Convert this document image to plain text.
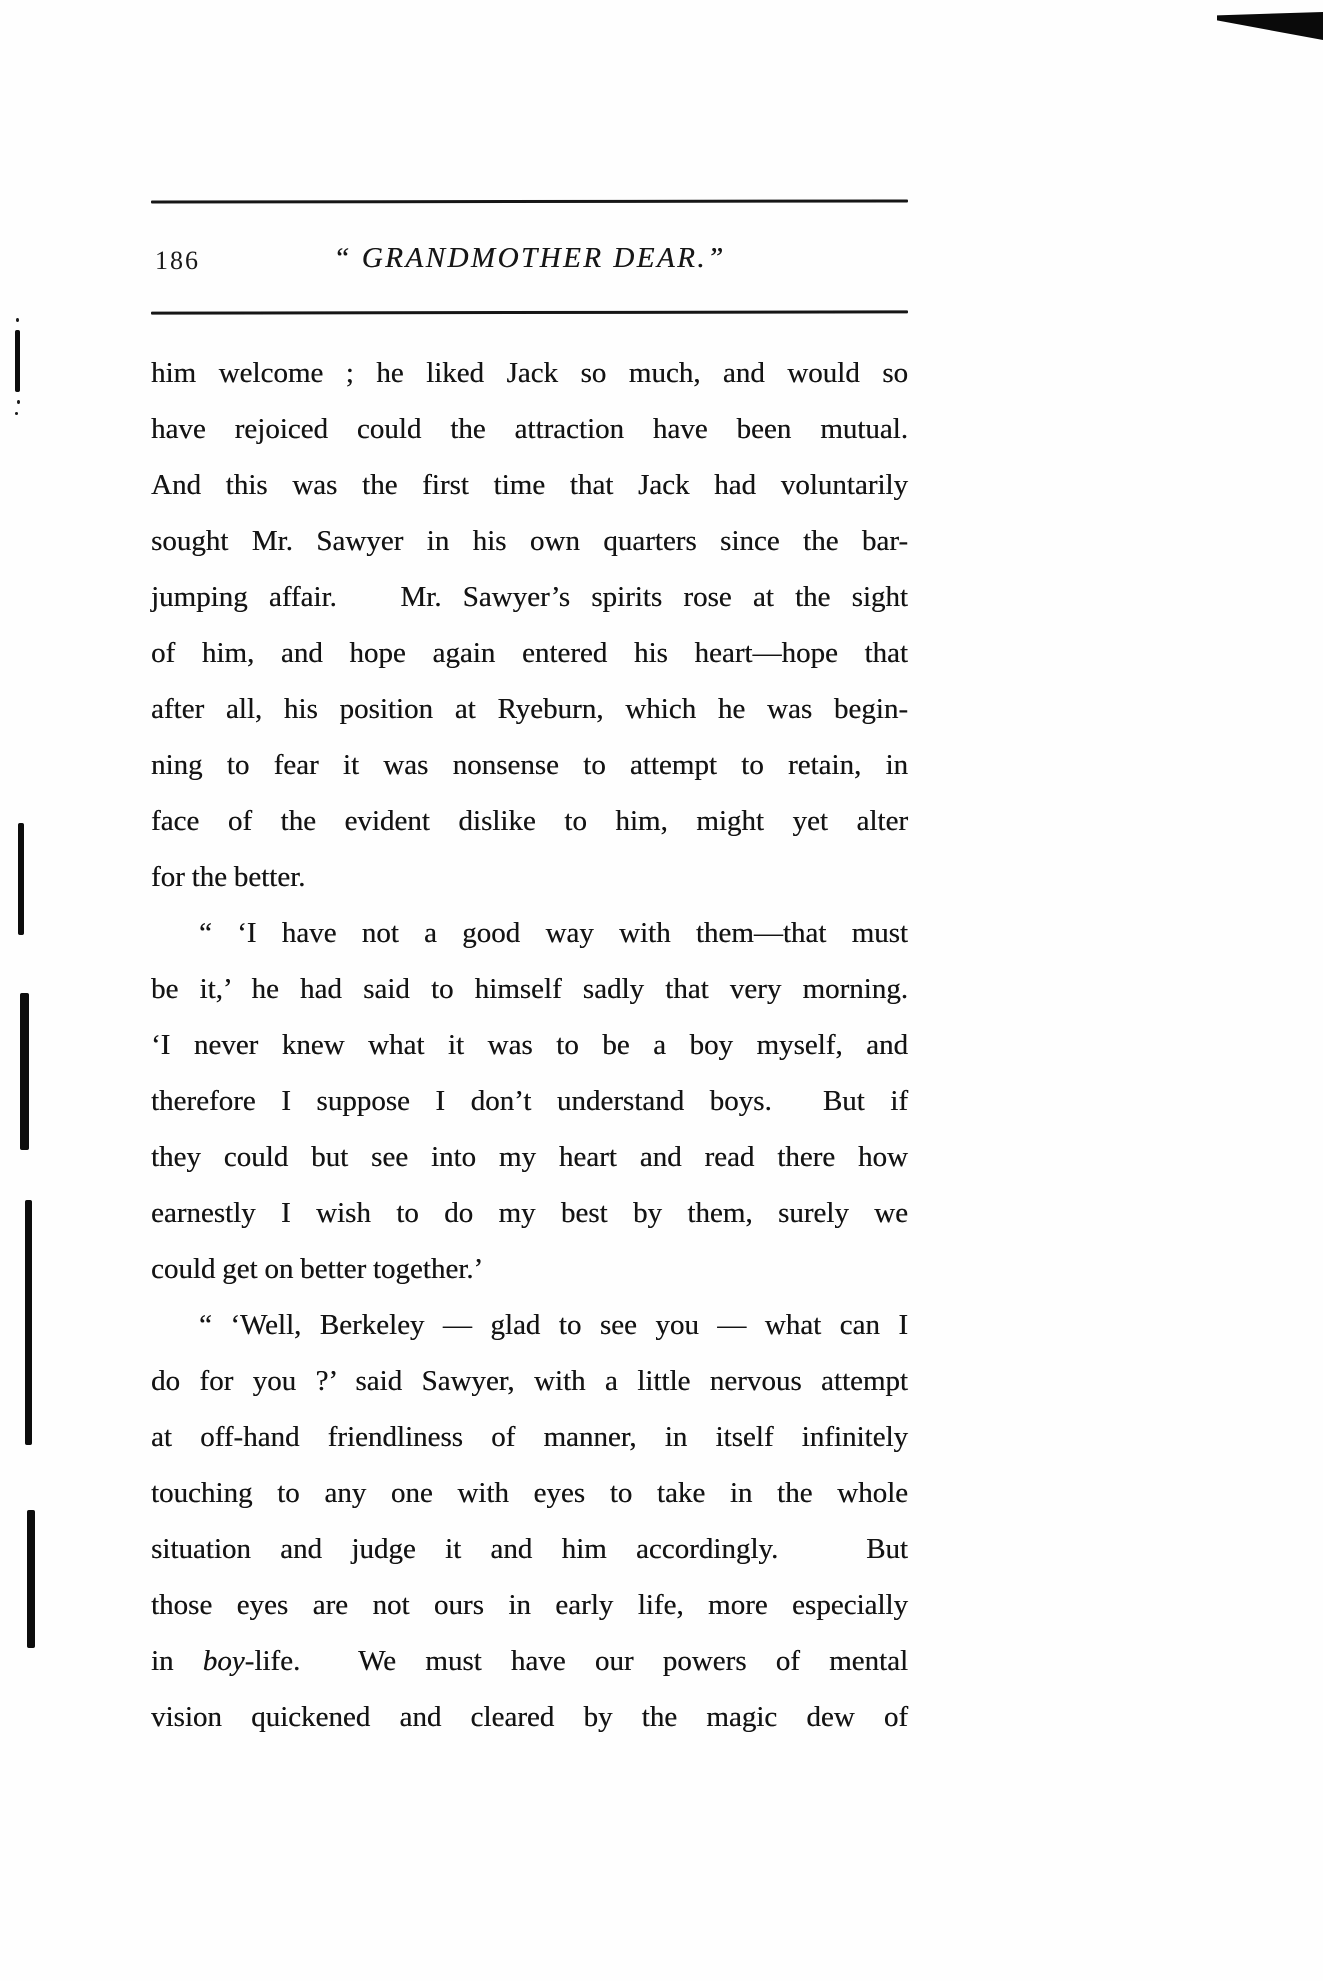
186	“ GRANDMOTHER DEAR.”
him welcome ; he liked Jack so much, and would so
have rejoiced could the attraction have been mutual.
And this was the first time that Jack had voluntarily
sought Mr. Sawyer in his own quarters since the bar-
jumping affair.   Mr. Sawyer’s spirits rose at the sight
of him, and hope again entered his heart—hope that
after all, his position at Ryeburn, which he was begin-
ning to fear it was nonsense to attempt to retain, in
face of the evident dislike to him, might yet alter
for the better.
“ ‘I have not a good way with them—that must
be it,’ he had said to himself sadly that very morning.
‘I never knew what it was to be a boy myself, and
therefore I suppose I don’t understand boys.  But if
they could but see into my heart and read there how
earnestly I wish to do my best by them, surely we
could get on better together.’
“ ‘Well, Berkeley — glad to see you — what can I
do for you ?’ said Sawyer, with a little nervous attempt
at off-hand friendliness of manner, in itself infinitely
touching to any one with eyes to take in the whole
situation and judge it and him accordingly.   But
those eyes are not ours in early life, more especially
in boy-life.  We must have our powers of mental
vision quickened and cleared by the magic dew of
